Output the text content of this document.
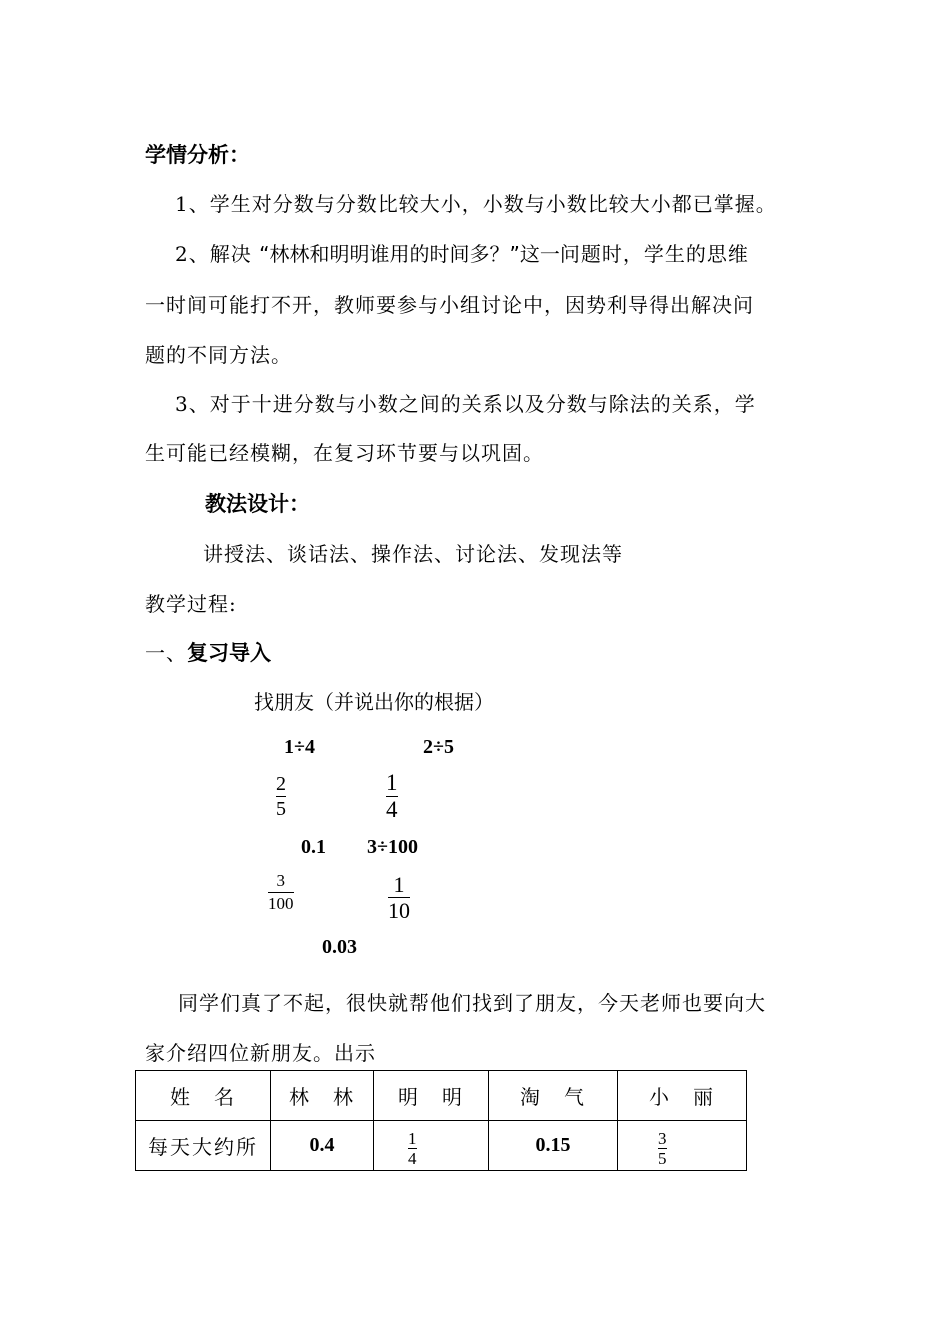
学情分析：
1、学生对分数与分数比较大小，小数与小数比较大小都已掌握。
2、解决 “林林和明明谁用的时间多？”这一问题时，学生的思维
一时间可能打不开，教师要参与小组讨论中，因势利导得出解决问
题的不同方法。
3、对于十进分数与小数之间的关系以及分数与除法的关系，学
生可能已经模糊，在复习环节要与以巩固。
教法设计：
讲授法、谈话法、操作法、讨论法、发现法等
教学过程:
一、复习导入
找朋友（并说出你的根据）
1÷4	2÷5
2
5
1
4
0.1 3÷100
3
100
1
10
0.03
同学们真了不起，很快就帮他们找到了朋友，今天老师也要向大
家介绍四位新朋友。出示
姓　名	林　林	明　明	淘　气	小　丽
每天大约所	0.4	$\frac{1}{4}$	0.15	$\frac{3}{5}$
